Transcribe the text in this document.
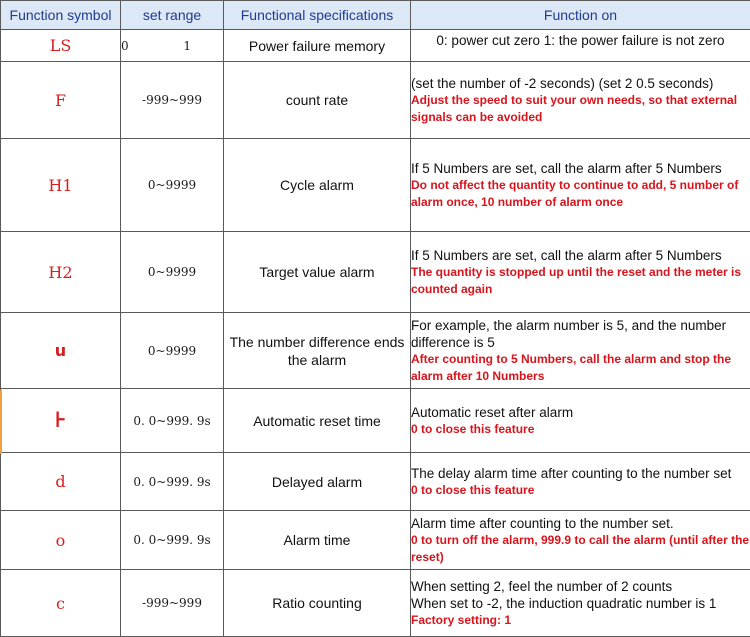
Function symbol	set range	Functional specifications	Function on
LS	0 1	Power failure memory	0: power cut zero 1: the power failure is not zero
F	-999~999	count rate	(set the number of -2 seconds) (set 2 0.5 seconds)
Adjust the speed to suit your own needs, so that external signals can be avoided

H1	0~9999	Cycle alarm	If 5 Numbers are set, call the alarm after 5 Numbers
Do not affect the quantity to continue to add, 5 number of alarm once, 10 number of alarm once

H2	0~9999	Target value alarm	If 5 Numbers are set, call the alarm after 5 Numbers
The quantity is stopped up until the reset and the meter is counted again

u	0~9999	The number difference ends the alarm	For example, the alarm number is 5, and the number difference is 5
After counting to 5 Numbers, call the alarm and stop the alarm after 10 Numbers

⊦	0. 0~999. 9s	Automatic reset time	Automatic reset after alarm
0 to close this feature

d	0. 0~999. 9s	Delayed alarm	The delay alarm time after counting to the number set
0 to close this feature

o	0. 0~999. 9s	Alarm time	Alarm time after counting to the number set.
0 to turn off the alarm, 999.9 to call the alarm (until after the reset)

c	-999~999	Ratio counting	When setting 2, feel the number of 2 counts
When set to -2, the induction quadratic number is 1
Factory setting: 1
